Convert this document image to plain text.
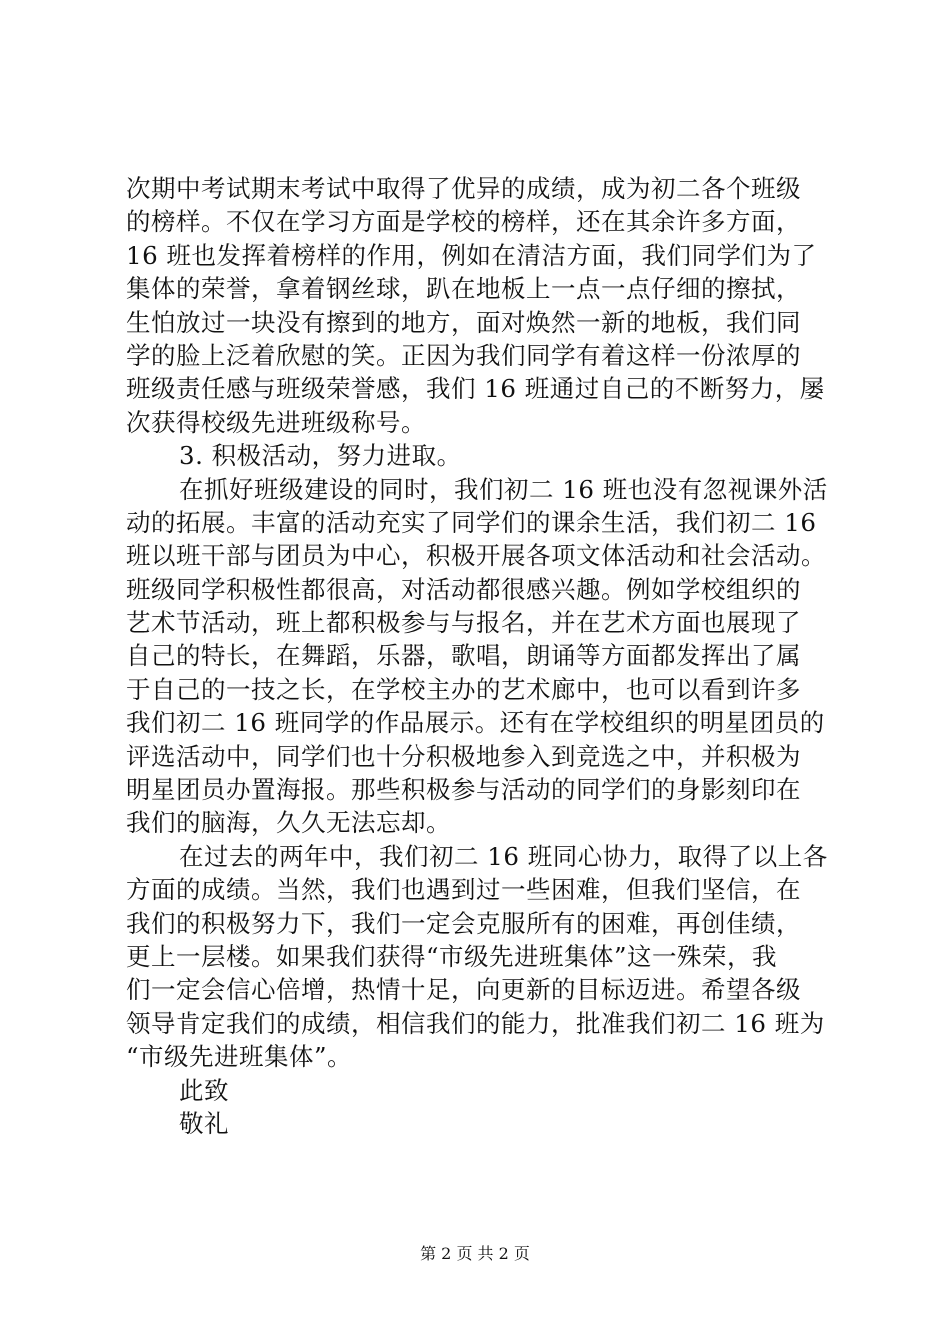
次期中考试期末考试中取得了优异的成绩，成为初二各个班级
的榜样。不仅在学习方面是学校的榜样，还在其余许多方面，
16 班也发挥着榜样的作用，例如在清洁方面，我们同学们为了
集体的荣誉，拿着钢丝球，趴在地板上一点一点仔细的擦拭，
生怕放过一块没有擦到的地方，面对焕然一新的地板，我们同
学的脸上泛着欣慰的笑。正因为我们同学有着这样一份浓厚的
班级责任感与班级荣誉感，我们 16 班通过自己的不断努力，屡
次获得校级先进班级称号。
3. 积极活动，努力进取。
在抓好班级建设的同时，我们初二 16 班也没有忽视课外活
动的拓展。丰富的活动充实了同学们的课余生活，我们初二 16
班以班干部与团员为中心，积极开展各项文体活动和社会活动。
班级同学积极性都很高，对活动都很感兴趣。例如学校组织的
艺术节活动，班上都积极参与与报名，并在艺术方面也展现了
自己的特长，在舞蹈，乐器，歌唱，朗诵等方面都发挥出了属
于自己的一技之长，在学校主办的艺术廊中，也可以看到许多
我们初二 16 班同学的作品展示。还有在学校组织的明星团员的
评选活动中，同学们也十分积极地参入到竞选之中，并积极为
明星团员办置海报。那些积极参与活动的同学们的身影刻印在
我们的脑海，久久无法忘却。
在过去的两年中，我们初二 16 班同心协力，取得了以上各
方面的成绩。当然，我们也遇到过一些困难，但我们坚信，在
我们的积极努力下，我们一定会克服所有的困难，再创佳绩，
更上一层楼。如果我们获得“市级先进班集体”这一殊荣，我
们一定会信心倍增，热情十足，向更新的目标迈进。希望各级
领导肯定我们的成绩，相信我们的能力，批准我们初二 16 班为
“市级先进班集体”。
此致
敬礼
第 2 页 共 2 页
